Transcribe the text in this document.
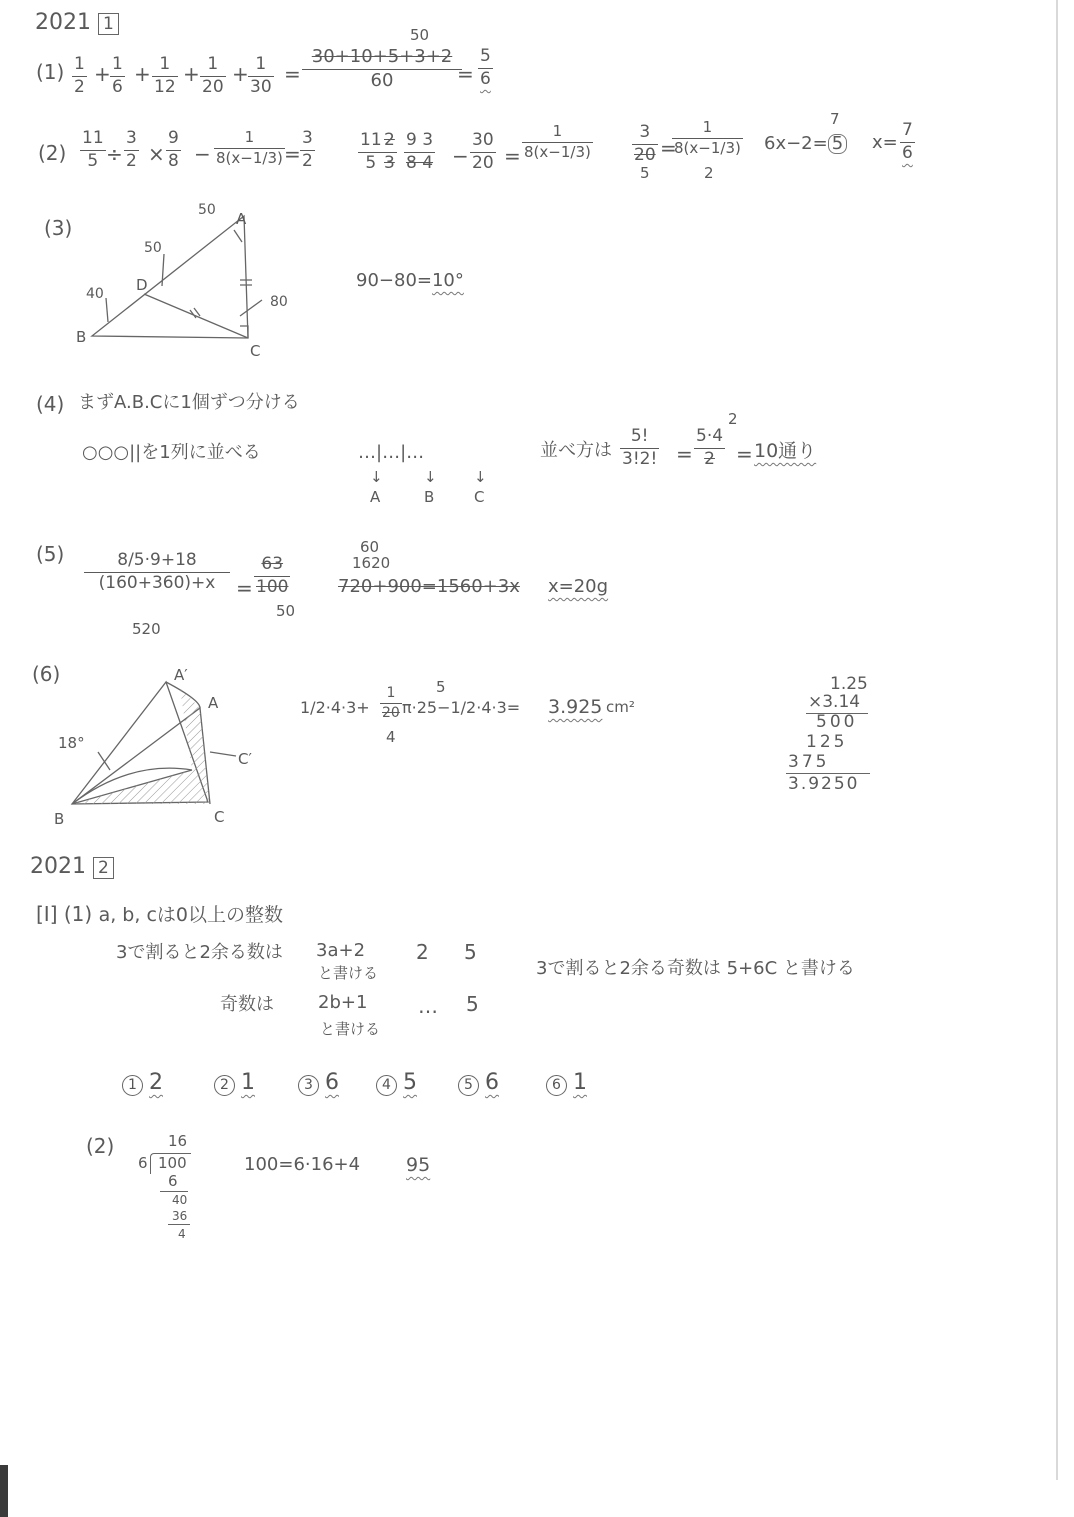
2021 1
(1) 1
2
+ 1
6
+ 1
12
+ 1
20
+ 1
30
=
50
30+10+5+3+2
60	=
5
6
(2)
11
5 ÷
3
2 ×
9
8 −
1
8(x−1/3) =
3
2
11
5
2
3
9 3
8 4 −
30
20 =
1
8(x−1/3)
3
20
5
=
1
8(x−1/3)
2
7
6x−2= 5 x=
7
6
(3)	A
B
C
D
50
50
40	80
90−80=10°
(4) まずA.B.Cに1個ずつ分ける
○○○||を1列に並べる	…|…|…
↓	↓ ↓
A	B	C
並べ方は
5!
3!2! =
2
5·4
2 = 10通り
(5)	8/5·9+18
(160+360)+x
520
=
63
100
50
60
1620
720+900=1560+3x x=20g
(6)	A′
A
B	C
C′
18°
1/2·4·3+
1
20
4
5
π·25−1/2·4·3= 3.925 cm²
1.25
×3.14
500
125
375
3.9250
2021 2
[I] (1) a, b, cは0以上の整数
3で割ると2余る数は 3a+2
と書ける
2 5
奇数は 2b+1
と書ける
… 5
3で割ると2余る奇数は 5+6C と書ける
1 2	2 1	3 6	4 5	5 6	6 1
(2)	16
6 100
6
40
36
4
100=6·16+4 95
